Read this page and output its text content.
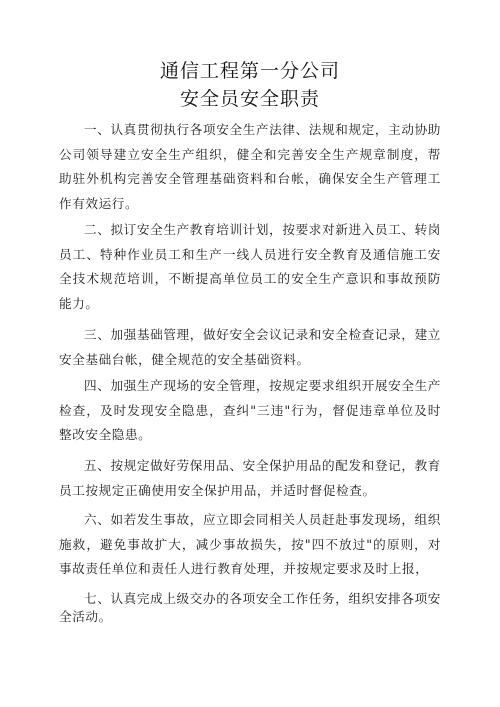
通信工程第一分公司
安全员安全职责

一、认真贯彻执行各项安全生产法律、法规和规定，主动协助公司领导建立安全生产组织，健全和完善安全生产规章制度，帮助驻外机构完善安全管理基础资料和台帐，确保安全生产管理工作有效运行。

二、拟订安全生产教育培训计划，按要求对新进入员工、转岗员工、特种作业员工和生产一线人员进行安全教育及通信施工安全技术规范培训，不断提高单位员工的安全生产意识和事故预防能力。

三、加强基础管理，做好安全会议记录和安全检查记录，建立安全基础台帐，健全规范的安全基础资料。

四、加强生产现场的安全管理，按规定要求组织开展安全生产检查，及时发现安全隐患，查纠"三违"行为，督促违章单位及时整改安全隐患。

五、按规定做好劳保用品、安全保护用品的配发和登记，教育员工按规定正确使用安全保护用品，并适时督促检查。

六、如若发生事故，应立即会同相关人员赶赴事发现场，组织施救，避免事故扩大，减少事故损失，按"四不放过"的原则，对事故责任单位和责任人进行教育处理，并按规定要求及时上报，

七、认真完成上级交办的各项安全工作任务，组织安排各项安全活动。
